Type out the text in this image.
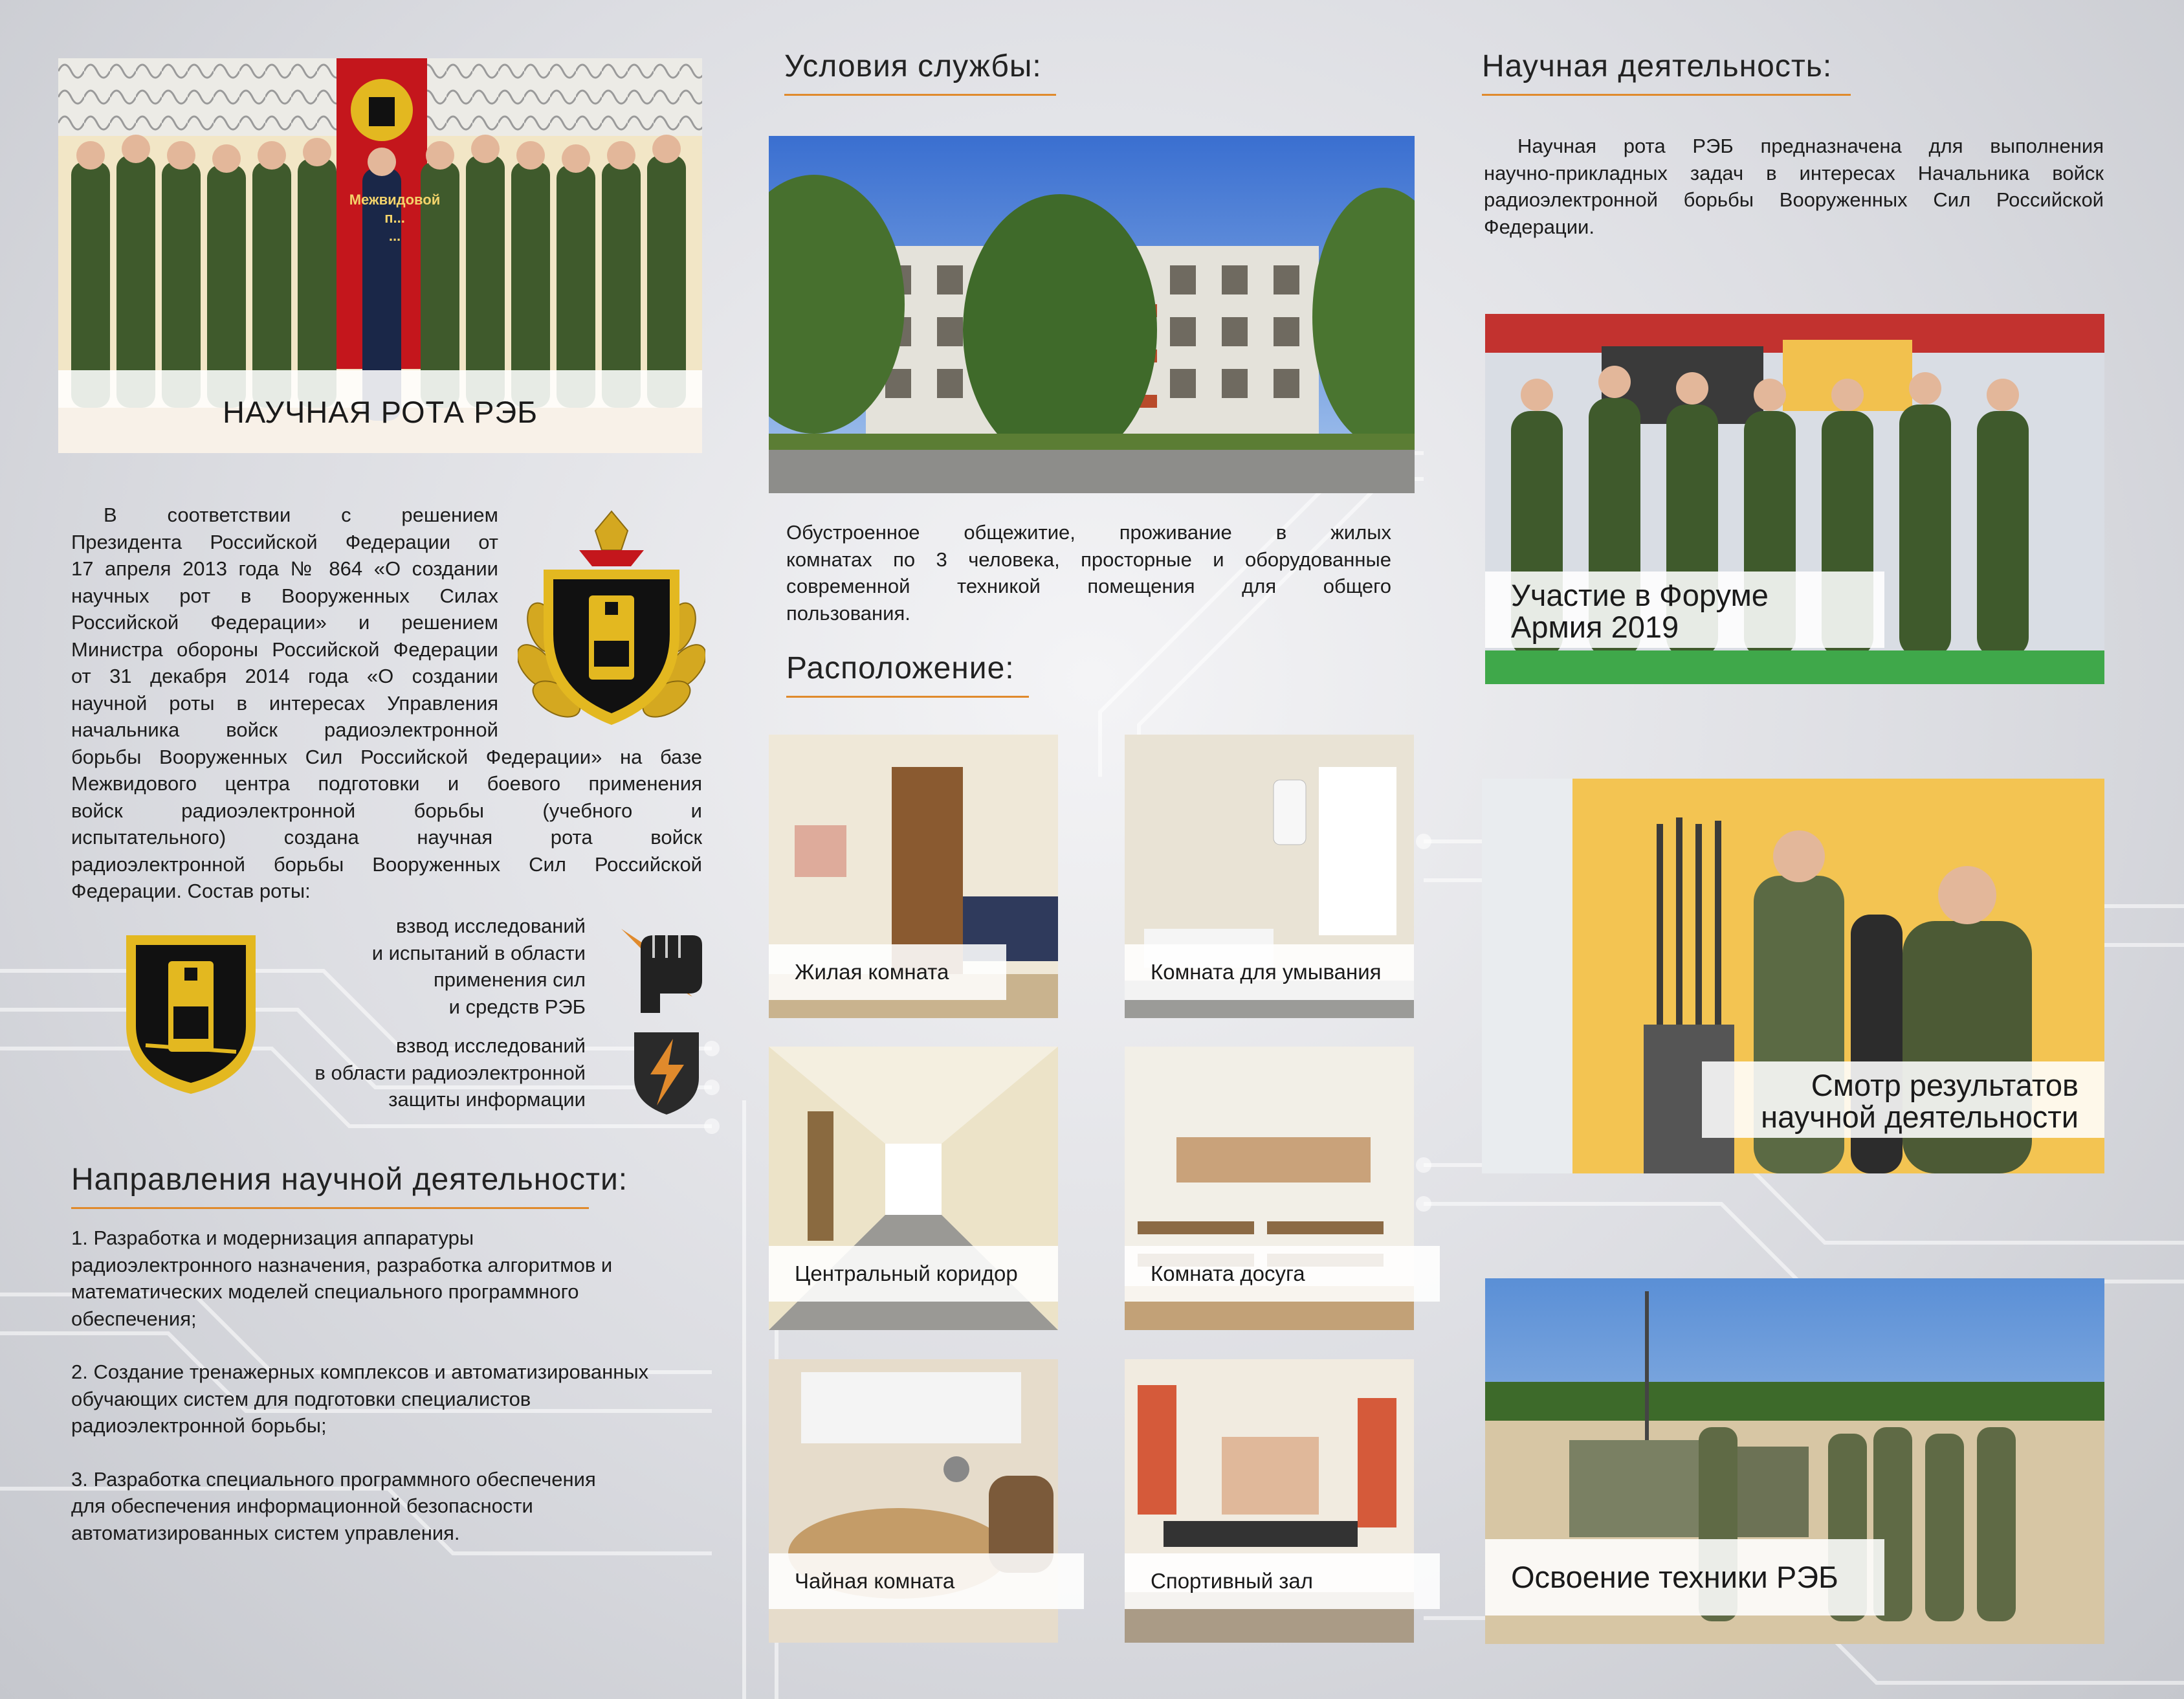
НАУЧНАЯ РОТА РЭБ
В соответствии с решением
Президента Российской Федерации от
17 апреля 2013 года № 864 «О создании
научных рот в Вооруженных Силах
Российской Федерации» и решением
Министра обороны Российской Федерации
от 31 декабря 2014 года «О создании
научной роты в интересах Управления
начальника войск радиоэлектронной
борьбы Вооруженных Сил Российской Федерации» на базе
Межвидового центра подготовки и боевого применения
войск радиоэлектронной борьбы (учебного и
испытательного) создана научная рота войск
радиоэлектронной борьбы Вооруженных Сил Российской
Федерации. Состав роты:
взвод исследований
и испытаний в области
применения сил
и средств РЭБ
взвод исследований
в области радиоэлектронной
защиты информации
Направления научной деятельности:
1. Разработка и модернизация аппаратуры
радиоэлектронного назначения, разработка алгоритмов и
математических моделей специального программного
обеспечения;
2. Создание тренажерных комплексов и автоматизированных
обучающих систем для подготовки специалистов
радиоэлектронной борьбы;
3. Разработка специального программного обеспечения
для обеспечения информационной безопасности
автоматизированных систем управления.
Условия службы:
Обустроенное общежитие, проживание в жилых
комнатах по 3 человека, просторные и оборудованные
современной техникой помещения для общего
пользования.
Расположение:
Жилая комната	Комната для умывания
Центральный коридор	Комната досуга
Чайная комната	Спортивный зал
Научная деятельность:
Научная рота РЭБ предназначена для выполнения
научно-прикладных задач в интересах Начальника войск
радиоэлектронной борьбы Вооруженных Сил Российской
Федерации.
Участие в Форуме
Армия 2019
Смотр результатов
научной деятельности
Освоение техники РЭБ
Межвидовой
п...
...
